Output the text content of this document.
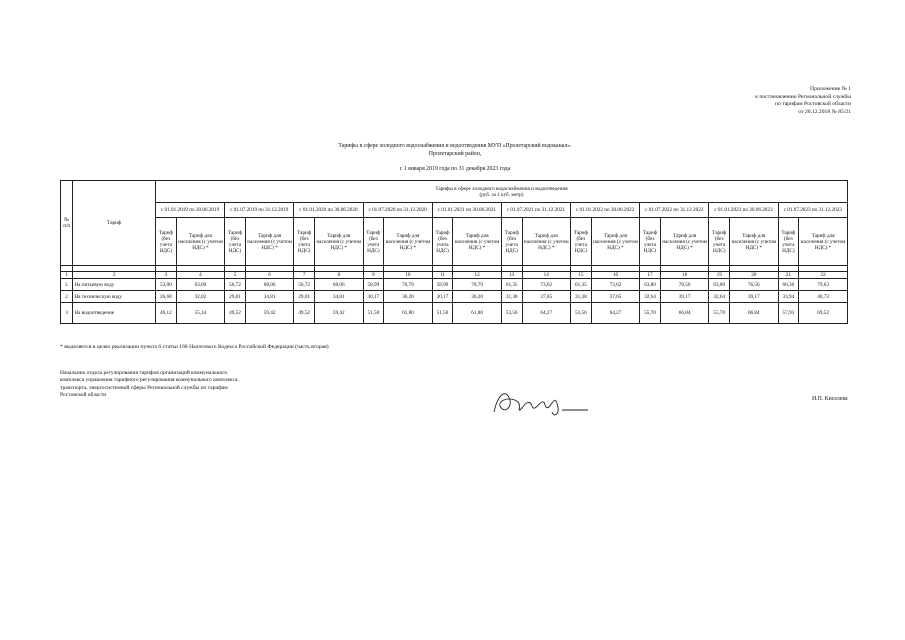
Приложение № 1
к постановлению Региональной службы
по тарифам Ростовской области
от 20.12.2018 № 85/21
Тарифы в сфере холодного водоснабжения и водоотведения МУП «Пролетарский водоканал».
Пролетарский район,
с 1 января 2019 года по 31 декабря 2023 года
№ п/п	Тариф	Тарифы в сфере холодного водоснабжения и водоотведения
(руб. за 1 куб. метр)																			

		с 01.01.2019 по 30.06.2019		с 01.07.2019 по 31.12.2019		с 01.01.2020 по 30.06.2020		с 01.07.2020 по 31.12.2020		с 01.01.2021 по 30.06.2021		с 01.07.2021 по 31.12.2021		с 01.01.2022 по 30.06.2022		с 01.07.2022 по 31.12.2022		с 01.01.2023 по 30.06.2023		с 01.07.2023 по 31.12.2023	
		Тариф (без учета НДС)	Тариф для населения (с учетом НДС) *	Тариф (без учета НДС)	Тариф для населения (с учетом НДС) *	Тариф (без учета НДС)	Тариф для населения (с учетом НДС) *	Тариф (без учета НДС)	Тариф для населения (с учетом НДС) *	Тариф (без учета НДС)	Тариф для населения (с учетом НДС) *	Тариф (без учета НДС)	Тариф для населения (с учетом НДС) *	Тариф (без учета НДС)	Тариф для населения (с учетом НДС) *	Тариф (без учета НДС)	Тариф для населения (с учетом НДС) *	Тариф (без учета НДС)	Тариф для населения (с учетом НДС) *	Тариф (без учета НДС)	Тариф для населения (с учетом НДС) *

1	2	3	4	5	6	7	8	9	10	11	12	13	14	15	16	17	18	19	20	21	22
1.	На питьевую воду	53,00	63,60	56,72	68,06	56,72	68,06	58,99	70,79	58,99	70,79	61,35	73,62	61,35	73,62	63,80	76,56	63,80	76,56	66,36	79,63
2	На техническую воду	26,68	32,02	29,01	34,81	29,01	34,81	30,17	36,20	30,17	36,20	31,38	37,65	31,38	37,65	32,64	39,17	32,64	39,17	33,94	40,73
3	На водоотведение	46,12	55,34	49,52	59,42	49,52	59,42	51,50	61,80	51,50	61,80	53,56	64,27	53,56	64,27	55,70	66,84	55,70	66,84	57,93	69,52
* выделяется в целях реализации пункта 6 статьи 168 Налогового Кодекса Российской Федерации (часть вторая)
Начальник отдела регулирования тарифов организаций коммунального
комплекса управления тарифного регулирования коммунального комплекса,
транспорта, энергосистемной сферы Региональной службы по тарифам
Ростовской области
И.П. Киселева
